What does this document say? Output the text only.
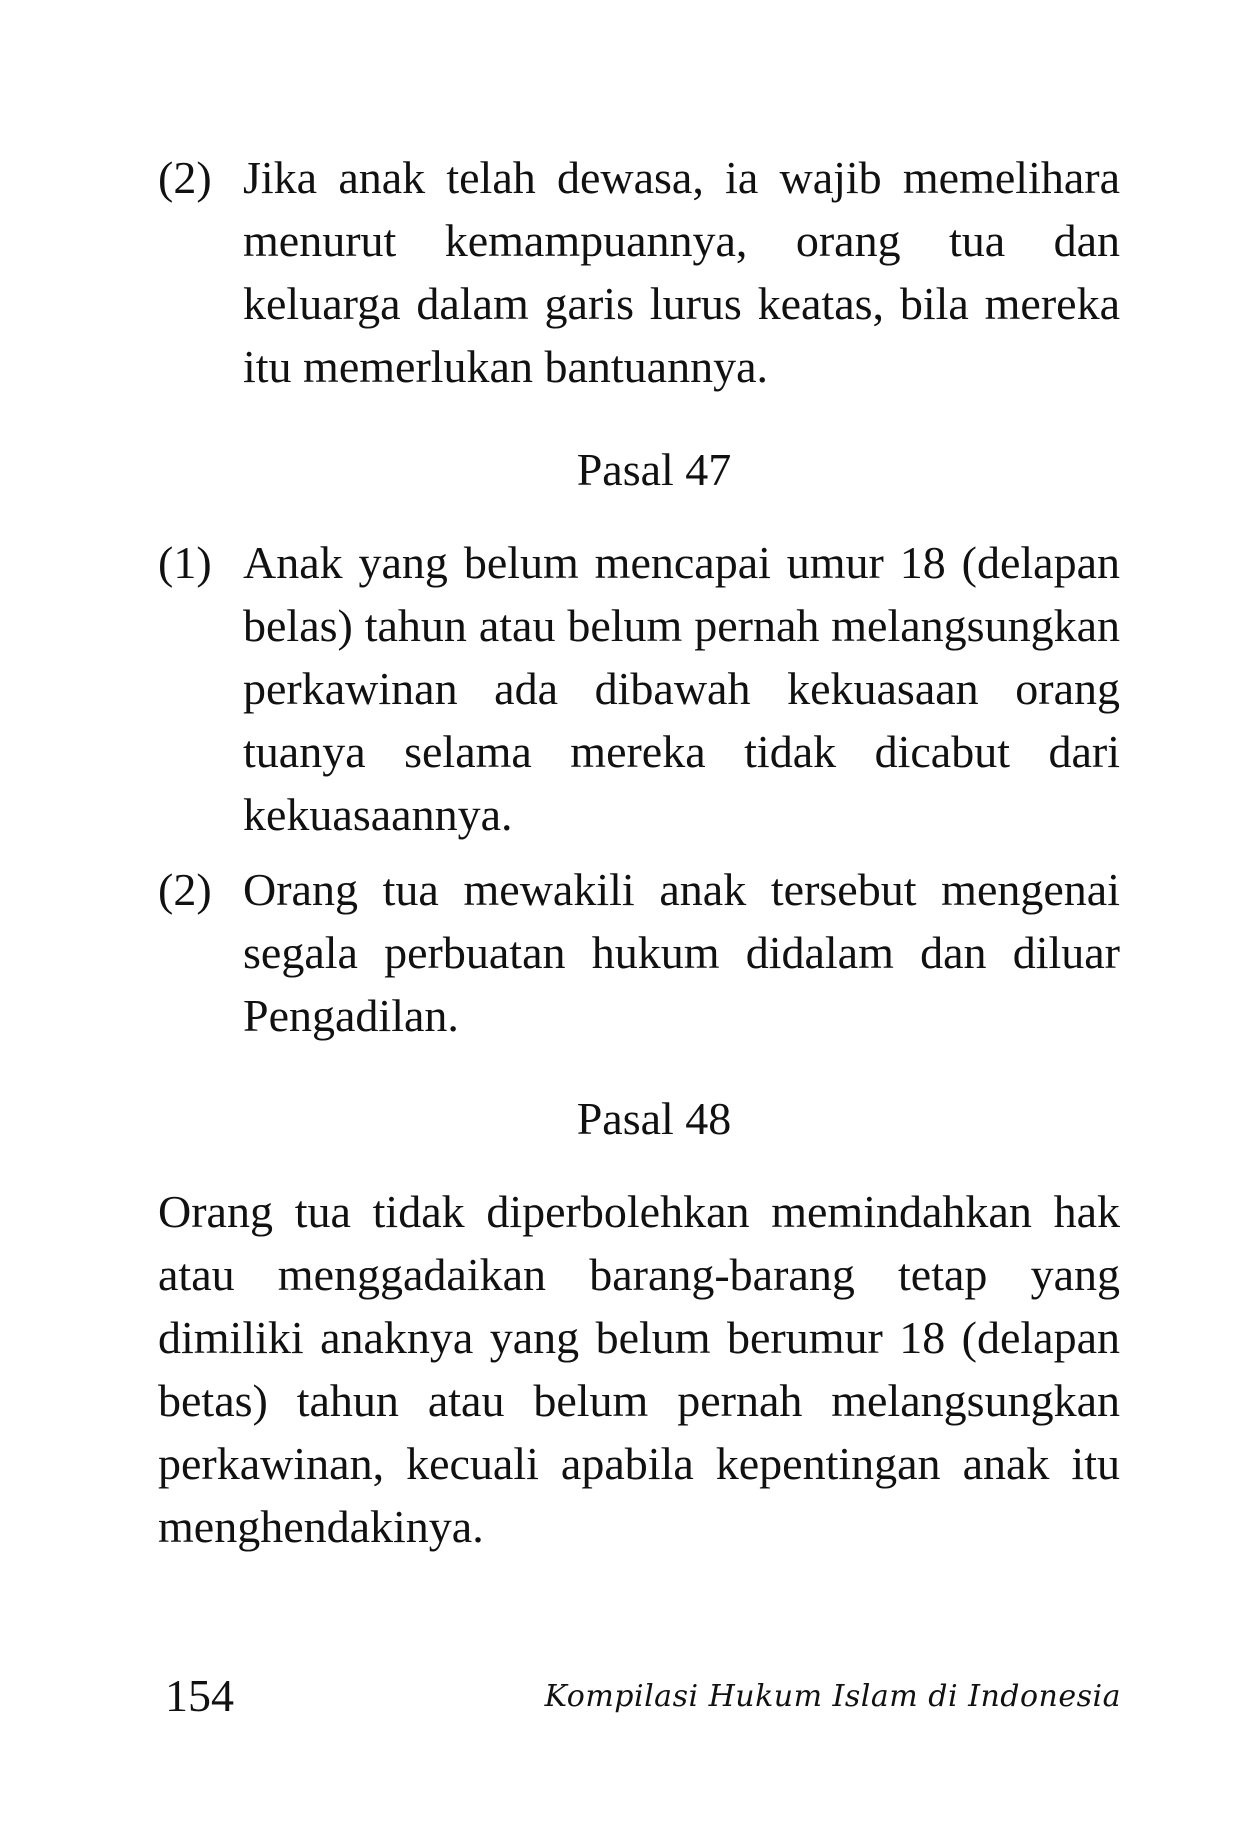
(2) Jika anak telah dewasa, ia wajib memelihara menurut kemampuannya, orang tua dan keluarga dalam garis lurus keatas, bila mereka itu memerlukan bantuannya.
Pasal 47
(1) Anak yang belum mencapai umur 18 (delapan belas) tahun atau belum pernah melangsungkan perkawinan ada dibawah kekuasaan orang tuanya selama mereka tidak dicabut dari kekuasaannya.
(2) Orang tua mewakili anak tersebut mengenai segala perbuatan hukum didalam dan diluar Pengadilan.
Pasal 48
Orang tua tidak diperbolehkan memindahkan hak atau menggadaikan barang-barang tetap yang dimiliki anaknya yang belum berumur 18 (delapan betas) tahun atau belum pernah melangsungkan perkawinan, kecuali apabila kepentingan anak itu menghendakinya.
154	Kompilasi Hukum Islam di Indonesia
